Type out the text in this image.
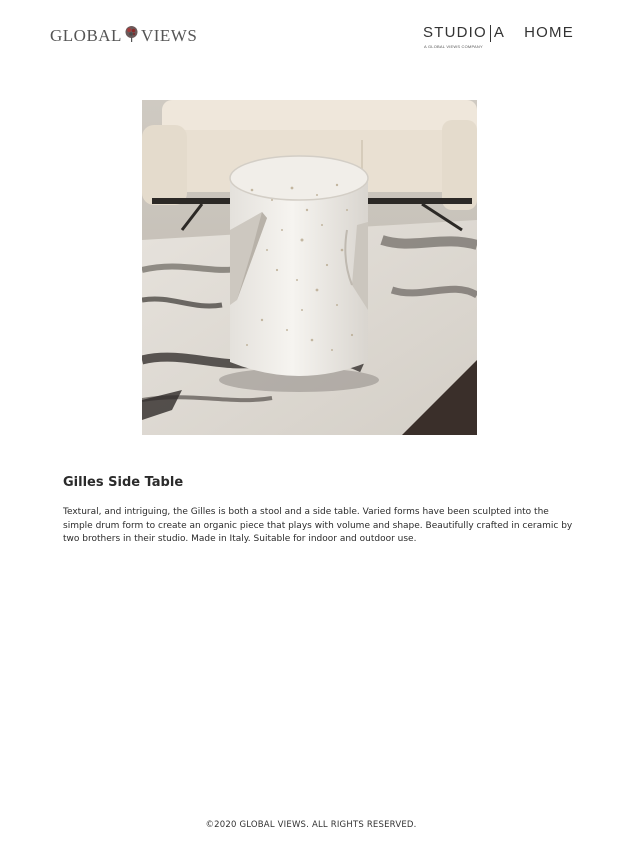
GLOBAL VIEWS	STUDIO A HOME
A GLOBAL VIEWS COMPANY
Gilles Side Table

Textural, and intriguing, the Gilles is both a stool and a side table. Varied forms have been sculpted into the simple drum form to create an organic piece that plays with volume and shape. Beautifully crafted in ceramic by two brothers in their studio. Made in Italy. Suitable for indoor and outdoor use.

©2020 GLOBAL VIEWS. ALL RIGHTS RESERVED.
